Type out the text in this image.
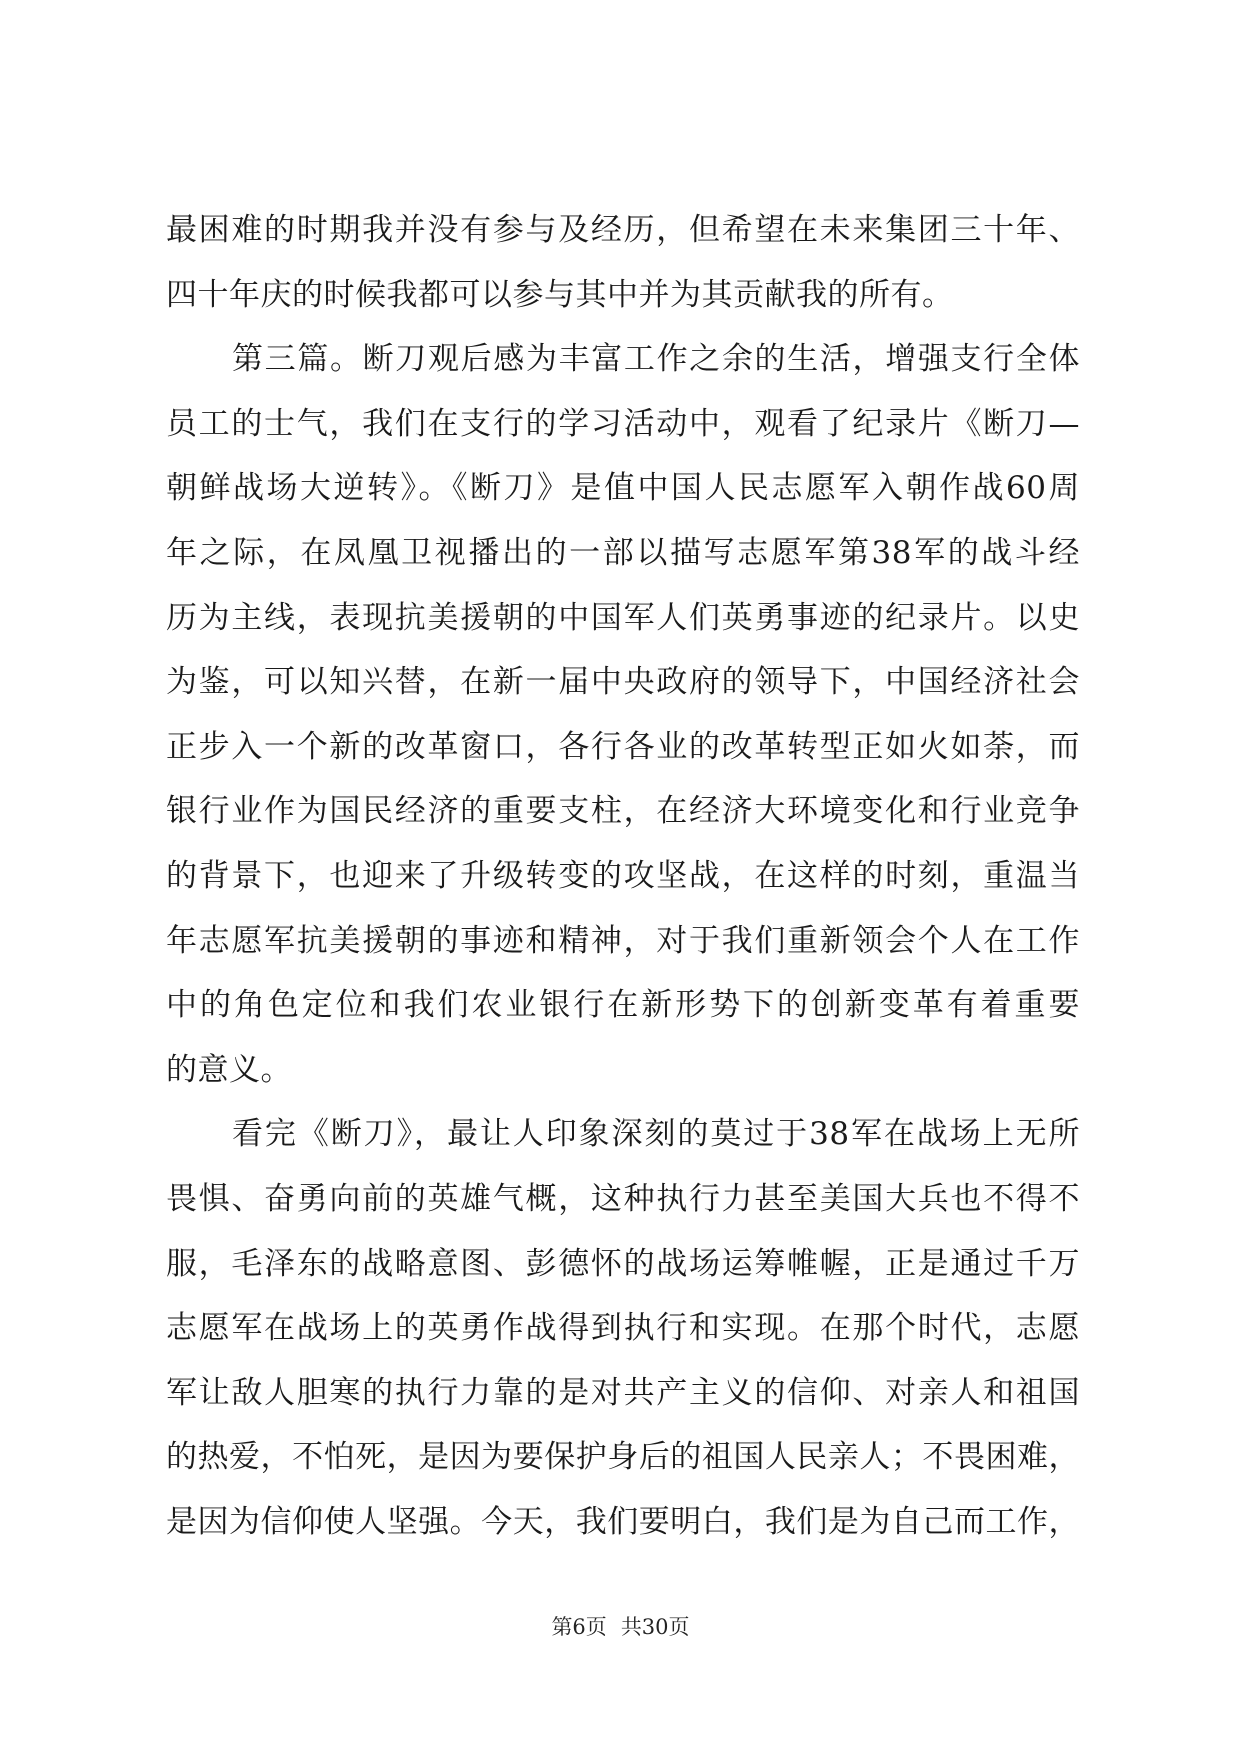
最困难的时期我并没有参与及经历，但希望在未来集团三十年、
四十年庆的时候我都可以参与其中并为其贡献我的所有。
第三篇。断刀观后感为丰富工作之余的生活，增强支行全体
员工的士气，我们在支行的学习活动中，观看了纪录片《断刀—
朝鲜战场大逆转》。《断刀》是值中国人民志愿军入朝作战60周
年之际，在凤凰卫视播出的一部以描写志愿军第38军的战斗经
历为主线，表现抗美援朝的中国军人们英勇事迹的纪录片。以史
为鉴，可以知兴替，在新一届中央政府的领导下，中国经济社会
正步入一个新的改革窗口，各行各业的改革转型正如火如荼，而
银行业作为国民经济的重要支柱，在经济大环境变化和行业竞争
的背景下，也迎来了升级转变的攻坚战，在这样的时刻，重温当
年志愿军抗美援朝的事迹和精神，对于我们重新领会个人在工作
中的角色定位和我们农业银行在新形势下的创新变革有着重要
的意义。
看完《断刀》，最让人印象深刻的莫过于38军在战场上无所
畏惧、奋勇向前的英雄气概，这种执行力甚至美国大兵也不得不
服，毛泽东的战略意图、彭德怀的战场运筹帷幄，正是通过千万
志愿军在战场上的英勇作战得到执行和实现。在那个时代，志愿
军让敌人胆寒的执行力靠的是对共产主义的信仰、对亲人和祖国
的热爱，不怕死，是因为要保护身后的祖国人民亲人；不畏困难，
是因为信仰使人坚强。今天，我们要明白，我们是为自己而工作，
第6页 共30页
